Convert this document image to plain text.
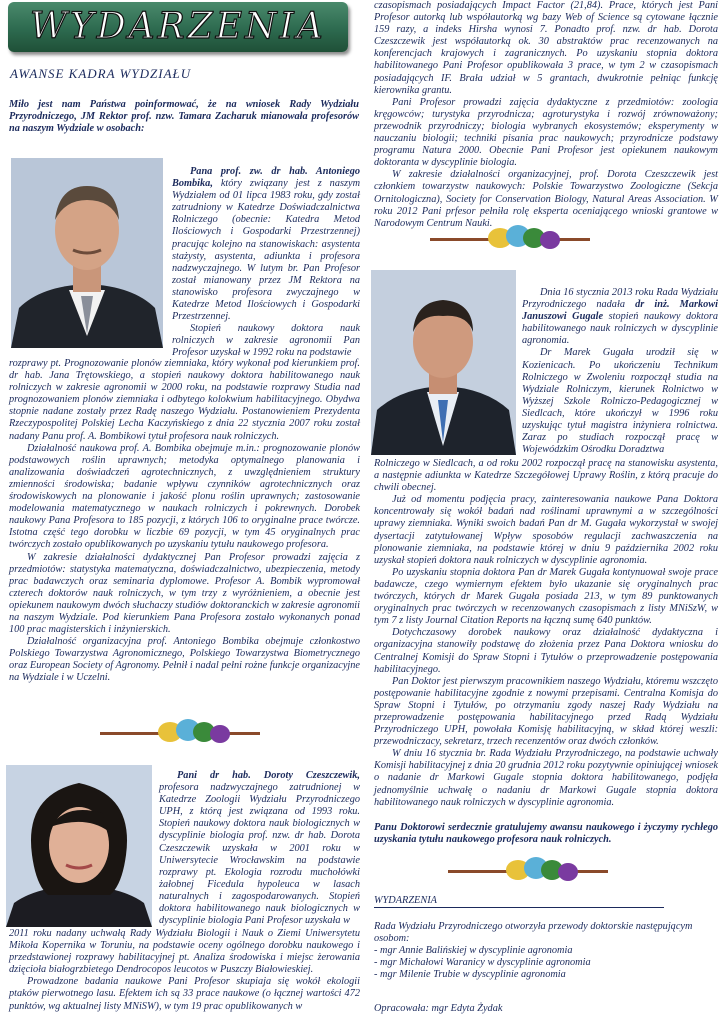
WYDARZENIA
AWANSE KADRA WYDZIAŁU

Miło jest nam Państwa poinformować, że na wniosek Rady Wydziału Przyrodniczego, JM Rektor prof. nzw. Tamara Zacharuk mianowała profesorów na naszym Wydziale w osobach:

Pana prof. zw. dr hab. Antoniego Bombika, który związany jest z naszym Wydziałem od 01 lipca 1983 roku, gdy został zatrudniony w Katedrze Doświadczalnictwa Rolniczego (obecnie: Katedra Metod Ilościowych i Gospodarki Przestrzennej) pracując kolejno na stanowiskach: asystenta stażysty, asystenta, adiunkta i profesora nadzwyczajnego. W lutym br. Pan Profesor został mianowany przez JM Rektora na stanowisko profesora zwyczajnego w Katedrze Metod Ilościowych i Gospodarki Przestrzennej.

Stopień naukowy doktora nauk rolniczych w zakresie agronomii Pan Profesor uzyskał w 1992 roku na podstawie

rozprawy pt. Prognozowanie plonów ziemniaka, który wykonał pod kierunkiem prof. dr hab. Jana Trętowskiego, a stopień naukowy doktora habilitowanego nauk rolniczych w zakresie agronomii w 2000 roku, na podstawie rozprawy Studia nad prognozowaniem plonów ziemniaka i odbytego kolokwium habilitacyjnego. Obydwa stopnie nadane zostały przez Radę naszego Wydziału. Postanowieniem Prezydenta Rzeczypospolitej Polskiej Lecha Kaczyńskiego z dnia 22 stycznia 2007 roku został nadany Panu prof. A. Bombikowi tytuł profesora nauk rolniczych.

Działalność naukowa prof. A. Bombika obejmuje m.in.: prognozowanie plonów podstawowych roślin uprawnych; metodyka optymalnego planowania i analizowania doświadczeń agrotechnicznych, z uwzględnieniem struktury zmienności środowiska; badanie wpływu czynników agrotechnicznych oraz środowiskowych na plonowanie i jakość plonu roślin uprawnych; zastosowanie modelowania matematycznego w naukach rolniczych i pokrewnych. Dorobek naukowy Pana Profesora to 185 pozycji, z których 106 to oryginalne prace twórcze. Istotna część tego dorobku w liczbie 69 pozycji, w tym 45 oryginalnych prac twórczych zostało opublikowanych po uzyskaniu tytułu naukowego profesora.

W zakresie działalności dydaktycznej Pan Profesor prowadzi zajęcia z przedmiotów: statystyka matematyczna, doświadczalnictwo, ubezpieczenia, metody prac badawczych oraz seminaria dyplomowe. Profesor A. Bombik wypromował czterech doktorów nauk rolniczych, w tym trzy z wyróżnieniem, a obecnie jest opiekunem naukowym dwóch słuchaczy studiów doktoranckich w zakresie agronomii na naszym Wydziale. Pod kierunkiem Pana Profesora zostało wykonanych ponad 100 prac magisterskich i inżynierskich.

Działalność organizacyjna prof. Antoniego Bombika obejmuje członkostwo Polskiego Towarzystwa Agronomicznego, Polskiego Towarzystwa Biometrycznego oraz European Society of Agronomy. Pełnił i nadal pełni rożne funkcje organizacyjne na Wydziale i w Uczelni.

Pani dr hab. Doroty Czeszczewik, profesora nadzwyczajnego zatrudnionej w Katedrze Zoologii Wydziału Przyrodniczego UPH, z którą jest związana od 1993 roku. Stopień naukowy doktora nauk biologicznych w dyscyplinie biologia prof. nzw. dr hab. Dorota Czeszczewik uzyskała w 2001 roku w Uniwersytecie Wrocławskim na podstawie rozprawy pt. Ekologia rozrodu muchołówki żałobnej Ficedula hypoleuca w lasach naturalnych i zagospodarowanych. Stopień doktora habilitowanego nauk biologicznych w dyscyplinie biologia Pani Profesor uzyskała w

2011 roku nadany uchwałą Rady Wydziału Biologii i Nauk o Ziemi Uniwersytetu Mikoła Kopernika w Toruniu, na podstawie oceny ogólnego dorobku naukowego i przedstawionej rozprawy habilitacyjnej pt. Analiza środowiska i miejsc żerowania dzięcioła białogrzbietego Dendrocopos leucotos w Puszczy Białowieskiej.

Prowadzone badania naukowe Pani Profesor skupiaja się wokół ekologii ptaków pierwotnego lasu. Efektem ich są 33 prace naukowe (o łącznej wartości 472 punktów, wg aktualnej listy MNiSW), w tym 19 prac opublikowanych w

czasopismach posiadających Impact Factor (21,84). Prace, których jest Pani Profesor autorką lub współautorką wg bazy Web of Science są cytowane łącznie 159 razy, a indeks Hirsha wynosi 7. Ponadto prof. nzw. dr hab. Dorota Czeszczewik jest współautorką ok. 30 abstraktów prac recenzowanych na konferencjach krajowych i zagranicznych. Po uzyskaniu stopnia doktora habilitowanego Pani Profesor opublikowała 3 prace, w tym 2 w czasopismach posiadających IF. Brała udział w 5 grantach, dwukrotnie pełniąc funkcję kierownika grantu.

Pani Profesor prowadzi zajęcia dydaktyczne z przedmiotów: zoologia kręgowców; turystyka przyrodnicza; agroturystyka i rozwój zrównoważony; przewodnik przyrodniczy; biologia wybranych ekosystemów; eksperymenty w nauczaniu biologii; techniki pisania prac naukowych; przyrodnicze podstawy programu Natura 2000. Obecnie Pani Profesor jest opiekunem naukowym doktoranta w dyscyplinie biologia.

W zakresie działalności organizacyjnej, prof. Dorota Czeszczewik jest członkiem towarzystw naukowych: Polskie Towarzystwo Zoologiczne (Sekcja Ornitologiczna), Society for Conservation Biology, Natural Areas Association. W roku 2012 Pani prfesor pełniła rolę eksperta oceniającego wnioski grantowe w Narodowym Centrum Nauki.

Dnia 16 stycznia 2013 roku Rada Wydziału Przyrodniczego nadała dr inż. Markowi Januszowi Gugale stopień naukowy doktora habilitowanego nauk rolniczych w dyscyplinie agronomia.

Dr Marek Gugała urodził się w Kozienicach. Po ukończeniu Technikum Rolniczego w Zwoleniu rozpoczął studia na Wydziale Rolniczym, kierunek Rolnictwo w Wyższej Szkole Rolniczo-Pedagogicznej w Siedlcach, które ukończył w 1996 roku uzyskując tytuł magistra inżyniera rolnictwa. Zaraz po studiach rozpoczął pracę w Wojewódzkim Ośrodku Doradztwa

Rolniczego w Siedlcach, a od roku 2002 rozpoczął pracę na stanowisku asystenta, a następnie adiunkta w Katedrze Szczegółowej Uprawy Roślin, z którą pracuje do chwili obecnej.

Już od momentu podjęcia pracy, zainteresowania naukowe Pana Doktora koncentrowały się wokół badań nad roślinami uprawnymi a w szczególności uprawy ziemniaka. Wyniki swoich badań Pan dr M. Gugała wykorzystał w swojej dysertacji zatytułowanej Wpływ sposobów regulacji zachwaszczenia na plonowanie ziemniaka, na podstawie której w dniu 9 października 2002 roku uzyskał stopień doktora nauk rolniczych w dyscyplinie agronomia.

Po uzyskaniu stopnia doktora Pan dr Marek Gugała kontynuował swoje prace badawcze, czego wymiernym efektem było ukazanie się oryginalnych prac twórczych, których dr Marek Gugała posiada 213, w tym 89 punktowanych oryginalnych prac twórczych w recenzowanych czasopismach z listy MNiSzW, w tym 7 z listy Journal Citation Reports na łączną sumę 640 punktów.

Dotychczasowy dorobek naukowy oraz działalność dydaktyczna i organizacyjna stanowiły podstawę do złożenia przez Pana Doktora wniosku do Centralnej Komisji do Spraw Stopni i Tytułów o przeprowadzenie postępowania habilitacyjnego.

Pan Doktor jest pierwszym pracownikiem naszego Wydziału, któremu wszczęto postępowanie habilitacyjne zgodnie z nowymi przepisami. Centralna Komisja do Spraw Stopni i Tytułów, po otrzymaniu zgody naszej Rady Wydziału na przeprowadzenie postępowania habilitacyjnego przed Radą Wydziału Przyrodniczego UPH, powołała Komisję habilitacyjną, w skład której weszli: przewodniczacy, sekretarz, trzech recenzentów oraz dwóch członków.

W dniu 16 stycznia br. Rada Wydziału Przyrodniczego, na podstawie uchwały Komisji habilitacyjnej z dnia 20 grudnia 2012 roku pozytywnie opiniującej wniosek o nadanie dr Markowi Gugale stopnia doktora habilitowanego, podjęła jednomyślnie uchwałę o nadaniu dr Markowi Gugale stopnia doktora habilitowanego nauk rolniczych w dyscyplinie agronomia.

Panu Doktorowi serdecznie gratulujemy awansu naukowego i życzymy rychłego uzyskania tytułu naukowego profesora nauk rolniczych.

WYDARZENIA

Rada Wydziału Przyrodniczego otworzyła przewody doktorskie następującym osobom:

- mgr Annie Balińskiej w dyscyplinie agronomia

- mgr Michałowi Waranicy w dyscyplinie agronomia

- mgr Milenie Trubie w dyscyplinie agronomia

Opracowała: mgr Edyta Żydak
